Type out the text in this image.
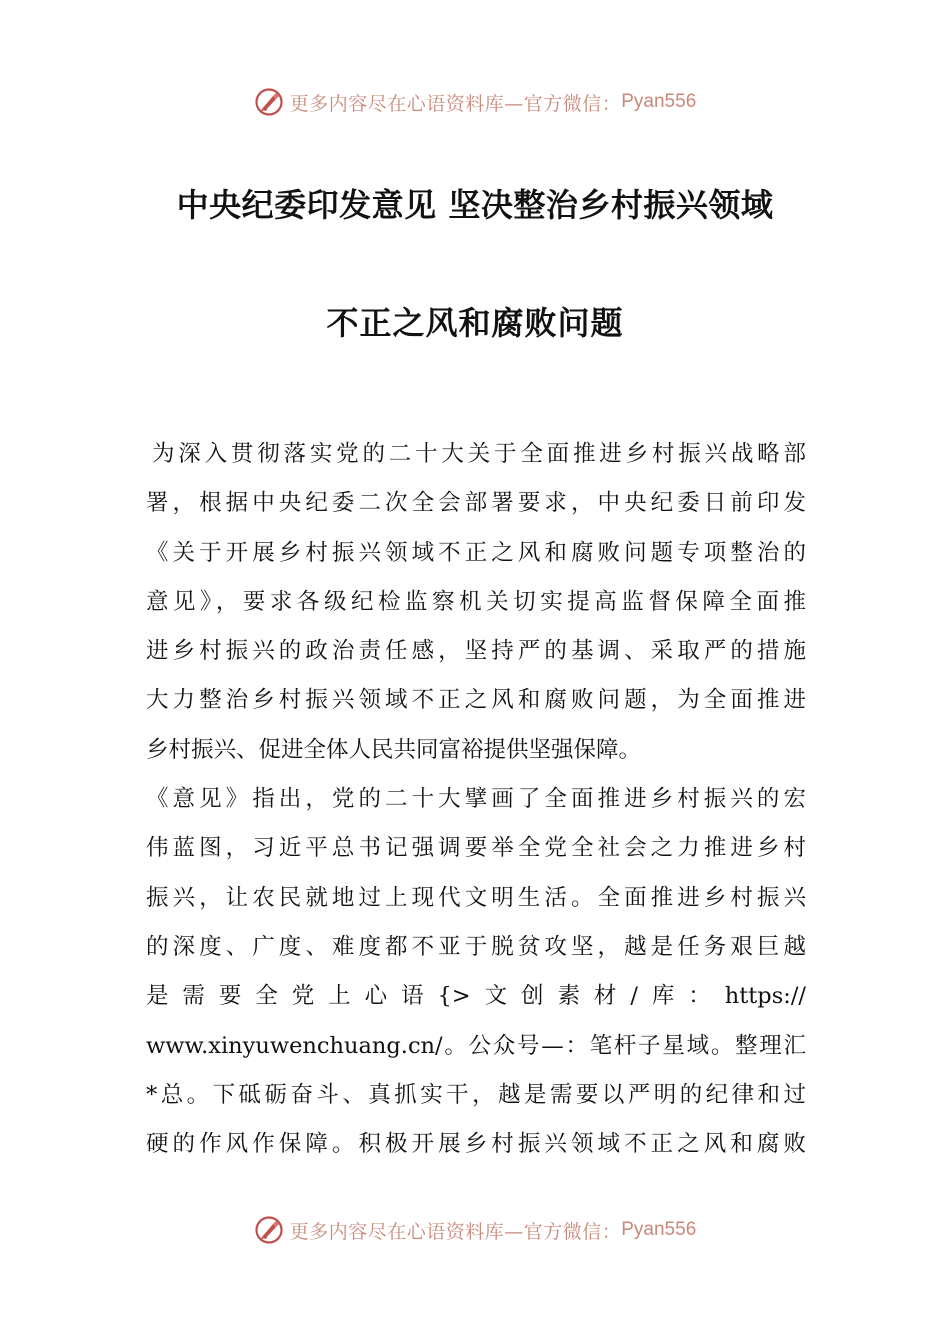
更多内容尽在心语资料库—官方微信： Pyan556
中央纪委印发意见 坚决整治乡村振兴领域
不正之风和腐败问题
为深入贯彻落实党的二十大关于全面推进乡村振兴战略部
署，根据中央纪委二次全会部署要求，中央纪委日前印发
《关于开展乡村振兴领域不正之风和腐败问题专项整治的
意见》，要求各级纪检监察机关切实提高监督保障全面推
进乡村振兴的政治责任感，坚持严的基调、采取严的措施
大力整治乡村振兴领域不正之风和腐败问题，为全面推进
乡村振兴、促进全体人民共同富裕提供坚强保障。
《意见》指出，党的二十大擘画了全面推进乡村振兴的宏
伟蓝图，习近平总书记强调要举全党全社会之力推进乡村
振兴，让农民就地过上现代文明生活。全面推进乡村振兴
的深度、广度、难度都不亚于脱贫攻坚，越是任务艰巨越
是需要全党上心语{>文创素材/库：https://
www.xinyuwenchuang.cn/。公众号—：笔杆子星域。整理汇
*总。下砥砺奋斗、真抓实干，越是需要以严明的纪律和过
硬的作风作保障。积极开展乡村振兴领域不正之风和腐败
更多内容尽在心语资料库—官方微信： Pyan556
